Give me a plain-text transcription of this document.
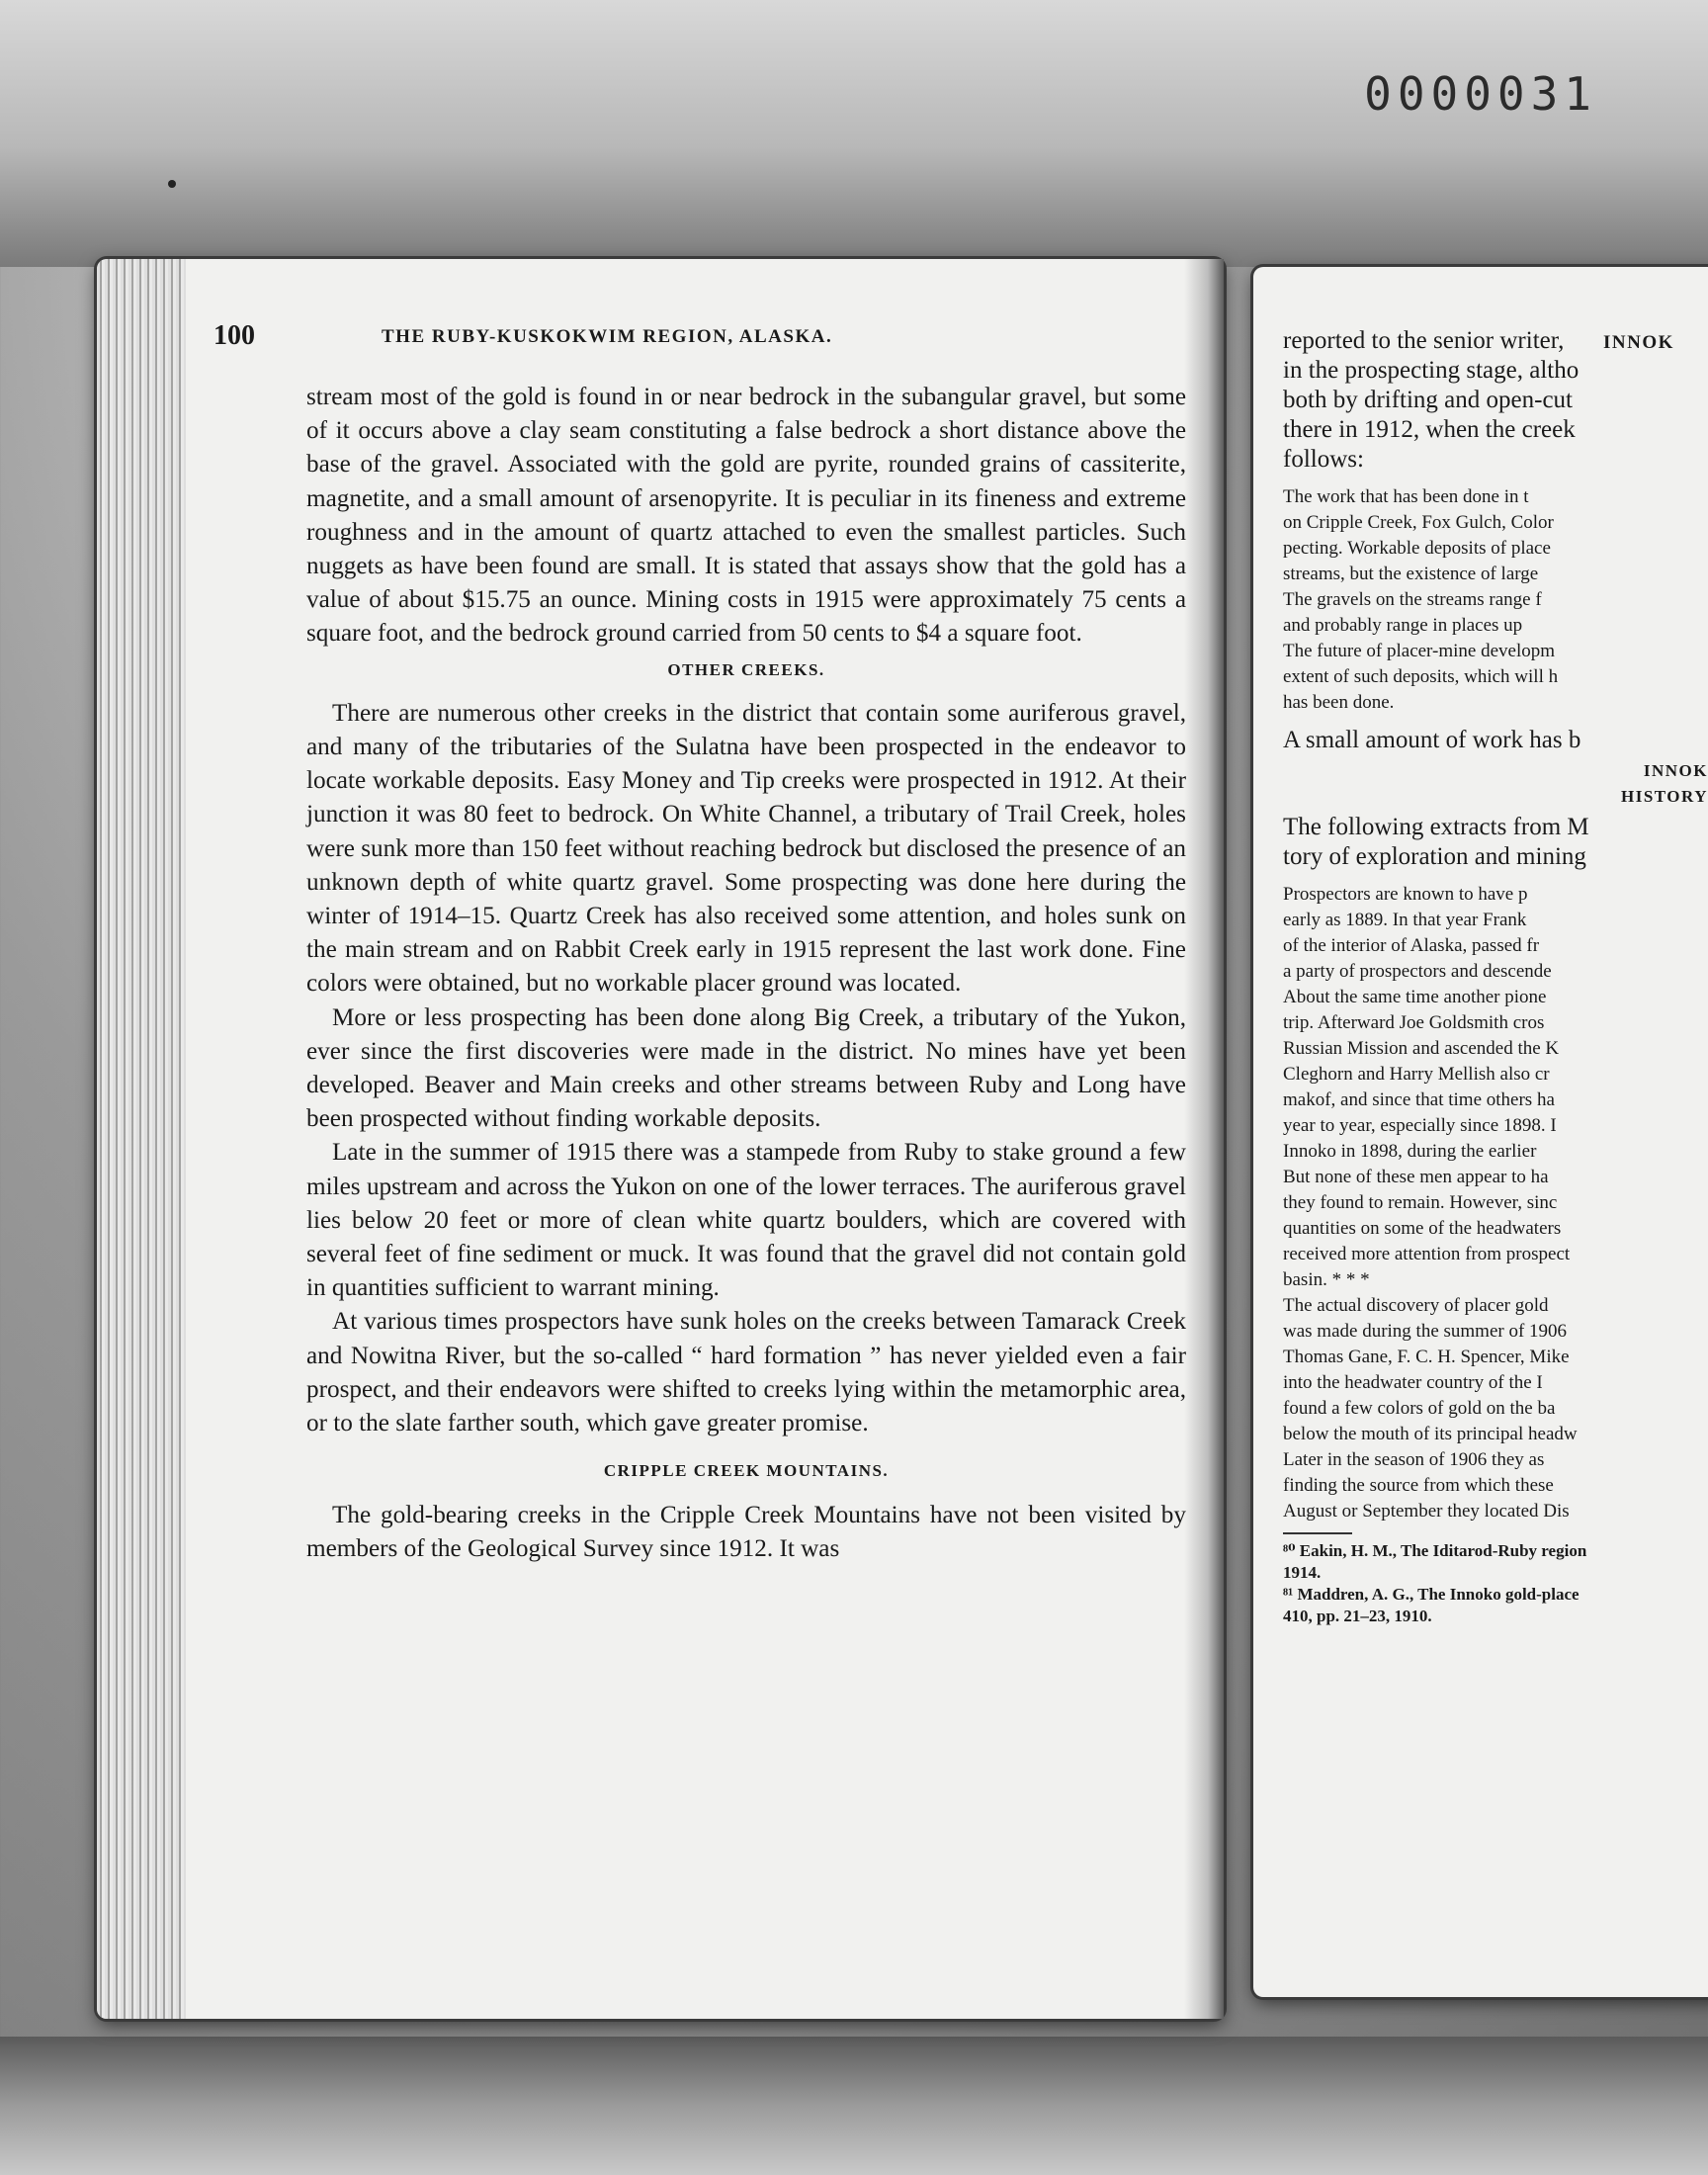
0000031
100	THE RUBY-KUSKOKWIM REGION, ALASKA.

stream most of the gold is found in or near bedrock in the subangular gravel, but some of it occurs above a clay seam constituting a false bedrock a short distance above the base of the gravel. Associated with the gold are pyrite, rounded grains of cassiterite, magnetite, and a small amount of arsenopyrite. It is peculiar in its fineness and extreme roughness and in the amount of quartz attached to even the smallest particles. Such nuggets as have been found are small. It is stated that assays show that the gold has a value of about $15.75 an ounce. Mining costs in 1915 were approximately 75 cents a square foot, and the bedrock ground carried from 50 cents to $4 a square foot.

OTHER CREEKS.

There are numerous other creeks in the district that contain some auriferous gravel, and many of the tributaries of the Sulatna have been prospected in the endeavor to locate workable deposits. Easy Money and Tip creeks were prospected in 1912. At their junction it was 80 feet to bedrock. On White Channel, a tributary of Trail Creek, holes were sunk more than 150 feet without reaching bedrock but disclosed the presence of an unknown depth of white quartz gravel. Some prospecting was done here during the winter of 1914–15. Quartz Creek has also received some attention, and holes sunk on the main stream and on Rabbit Creek early in 1915 represent the last work done. Fine colors were obtained, but no workable placer ground was located.

More or less prospecting has been done along Big Creek, a tributary of the Yukon, ever since the first discoveries were made in the district. No mines have yet been developed. Beaver and Main creeks and other streams between Ruby and Long have been prospected without finding workable deposits.

Late in the summer of 1915 there was a stampede from Ruby to stake ground a few miles upstream and across the Yukon on one of the lower terraces. The auriferous gravel lies below 20 feet or more of clean white quartz boulders, which are covered with several feet of fine sediment or muck. It was found that the gravel did not contain gold in quantities sufficient to warrant mining.

At various times prospectors have sunk holes on the creeks between Tamarack Creek and Nowitna River, but the so-called “ hard formation ” has never yielded even a fair prospect, and their endeavors were shifted to creeks lying within the metamorphic area, or to the slate farther south, which gave greater promise.

CRIPPLE CREEK MOUNTAINS.

The gold-bearing creeks in the Cripple Creek Mountains have not been visited by members of the Geological Survey since 1912. It was

reported to the senior writer,
in the prospecting stage, altho
both by drifting and open-cut
there in 1912, when the creek
follows:
The work that has been done in t
on Cripple Creek, Fox Gulch, Color
pecting. Workable deposits of place
streams, but the existence of large
The gravels on the streams range f
and probably range in places up
The future of placer-mine developm
extent of such deposits, which will h
has been done.
A small amount of work has b
INNOK
HISTORY
The following extracts from M
tory of exploration and mining
Prospectors are known to have p
early as 1889. In that year Frank
of the interior of Alaska, passed fr
a party of prospectors and descende
About the same time another pione
trip. Afterward Joe Goldsmith cros
Russian Mission and ascended the K
Cleghorn and Harry Mellish also cr
makof, and since that time others ha
year to year, especially since 1898. I
Innoko in 1898, during the earlier
But none of these men appear to ha
they found to remain. However, sinc
quantities on some of the headwaters
received more attention from prospect
basin. * * *
The actual discovery of placer gold
was made during the summer of 1906
Thomas Gane, F. C. H. Spencer, Mike
into the headwater country of the I
found a few colors of gold on the ba
below the mouth of its principal headw
Later in the season of 1906 they as
finding the source from which these
August or September they located Dis
⁸⁰ Eakin, H. M., The Iditarod-Ruby region
1914.
⁸¹ Maddren, A. G., The Innoko gold-place
410, pp. 21–23, 1910.
INNOK
